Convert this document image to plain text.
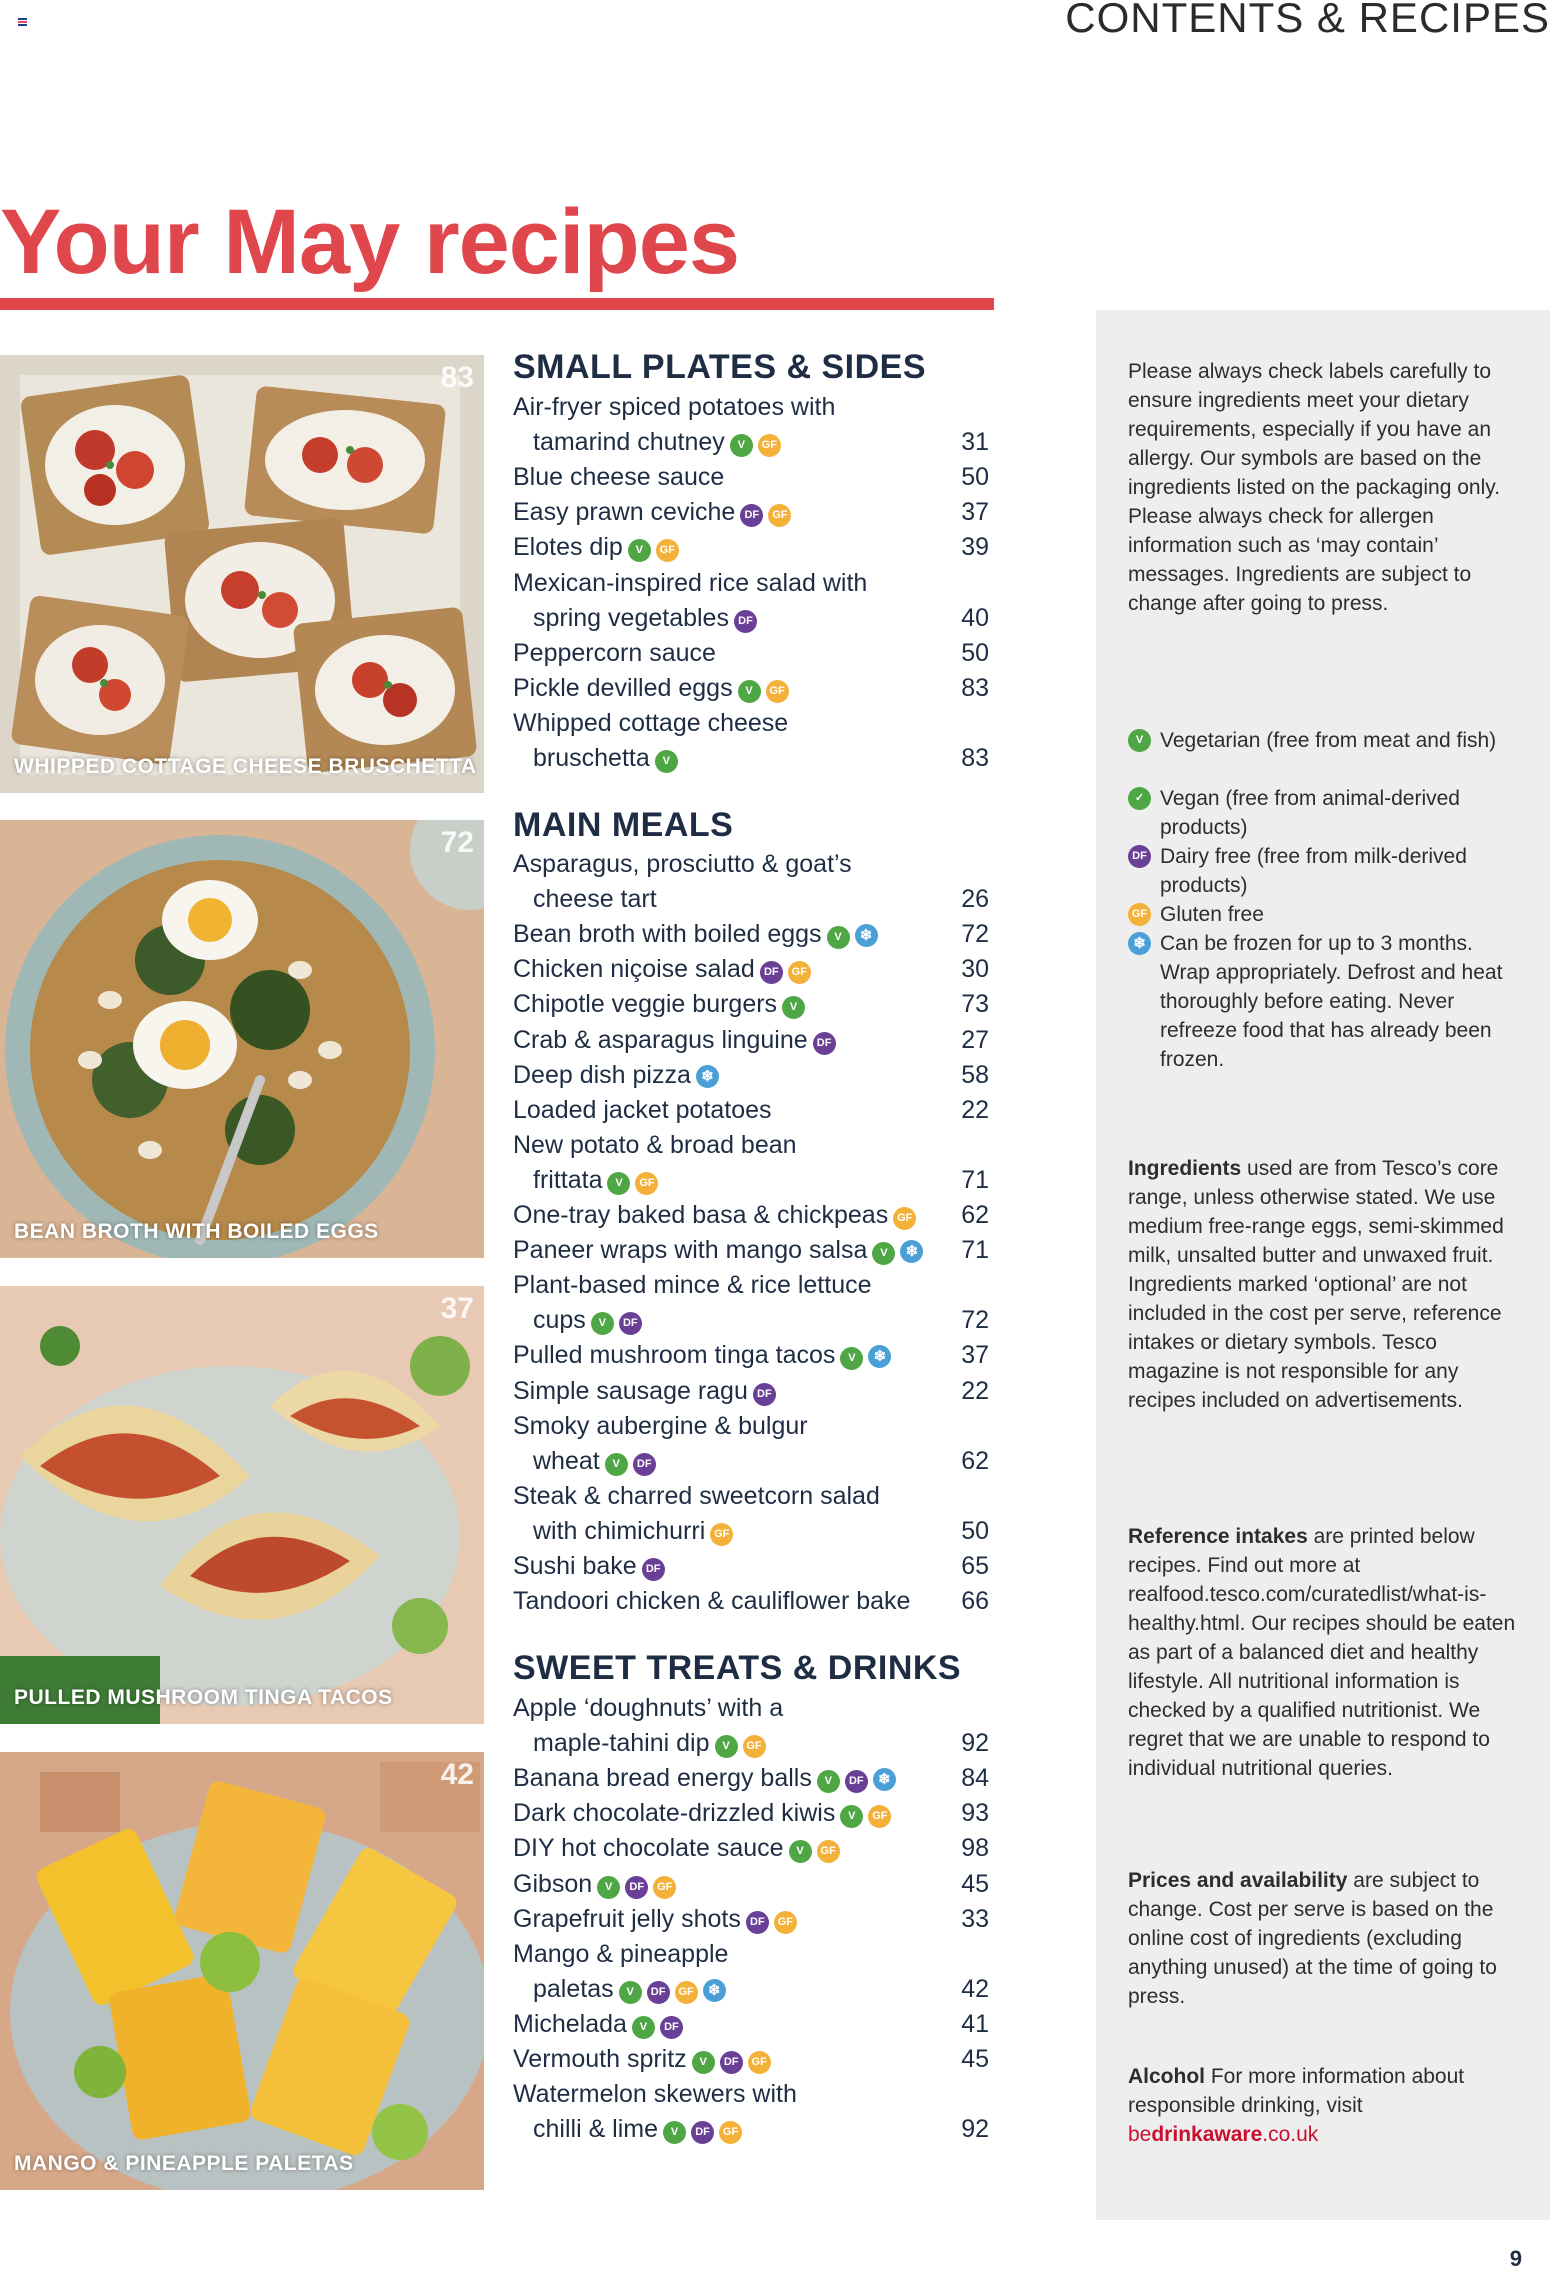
CONTENTS & RECIPES
Your May recipes
83
WHIPPED COTTAGE CHEESE BRUSCHETTA
72
BEAN BROTH WITH BOILED EGGS
37
PULLED MUSHROOM TINGA TACOS
42
MANGO & PINEAPPLE PALETAS
SMALL PLATES & SIDES
Air-fryer spiced potatoes with
tamarind chutney V GF	31
Blue cheese sauce	50
Easy prawn ceviche DF GF	37
Elotes dip V GF	39
Mexican-inspired rice salad with
spring vegetables DF	40
Peppercorn sauce	50
Pickle devilled eggs V GF	83
Whipped cottage cheese
bruschetta V	83
MAIN MEALS
Asparagus, prosciutto & goat’s
cheese tart	26
Bean broth with boiled eggs V ❄	72
Chicken niçoise salad DF GF	30
Chipotle veggie burgers V	73
Crab & asparagus linguine DF	27
Deep dish pizza ❄	58
Loaded jacket potatoes	22
New potato & broad bean
frittata V GF	71
One-tray baked basa & chickpeas GF 62
Paneer wraps with mango salsa V ❄ 71
Plant-based mince & rice lettuce
cups V DF	72
Pulled mushroom tinga tacos V ❄	37
Simple sausage ragu DF	22
Smoky aubergine & bulgur
wheat V DF	62
Steak & charred sweetcorn salad
with chimichurri GF	50
Sushi bake DF	65
Tandoori chicken & cauliflower bake 66
SWEET TREATS & DRINKS
Apple ‘doughnuts’ with a
maple-tahini dip V GF	92
Banana bread energy balls V DF ❄	84
Dark chocolate-drizzled kiwis V GF	93
DIY hot chocolate sauce V GF	98
Gibson V DF GF	45
Grapefruit jelly shots DF GF	33
Mango & pineapple
paletas V DF GF ❄	42
Michelada V DF	41
Vermouth spritz V DF GF	45
Watermelon skewers with
chilli & lime V DF GF	92
Please always check labels carefully to ensure ingredients meet your dietary requirements, especially if you have an allergy. Our symbols are based on the ingredients listed on the packaging only. Please always check for allergen information such as ‘may contain’ messages. Ingredients are subject to change after going to press.
V Vegetarian (free from meat and fish)
✓ Vegan (free from animal-derived products)
DF Dairy free (free from milk-derived products)
GF Gluten free
❄ Can be frozen for up to 3 months. Wrap appropriately. Defrost and heat thoroughly before eating. Never refreeze food that has already been frozen.
Ingredients used are from Tesco’s core range, unless otherwise stated. We use medium free-range eggs, semi-skimmed milk, unsalted butter and unwaxed fruit. Ingredients marked ‘optional’ are not included in the cost per serve, reference intakes or dietary symbols. Tesco magazine is not responsible for any recipes included on advertisements.
Reference intakes are printed below recipes. Find out more at realfood.tesco.com/curatedlist/what-is-healthy.html. Our recipes should be eaten as part of a balanced diet and healthy lifestyle. All nutritional information is checked by a qualified nutritionist. We regret that we are unable to respond to individual nutritional queries.
Prices and availability are subject to change. Cost per serve is based on the online cost of ingredients (excluding anything unused) at the time of going to press.
Alcohol For more information about responsible drinking, visit
bedrinkaware.co.uk
9
